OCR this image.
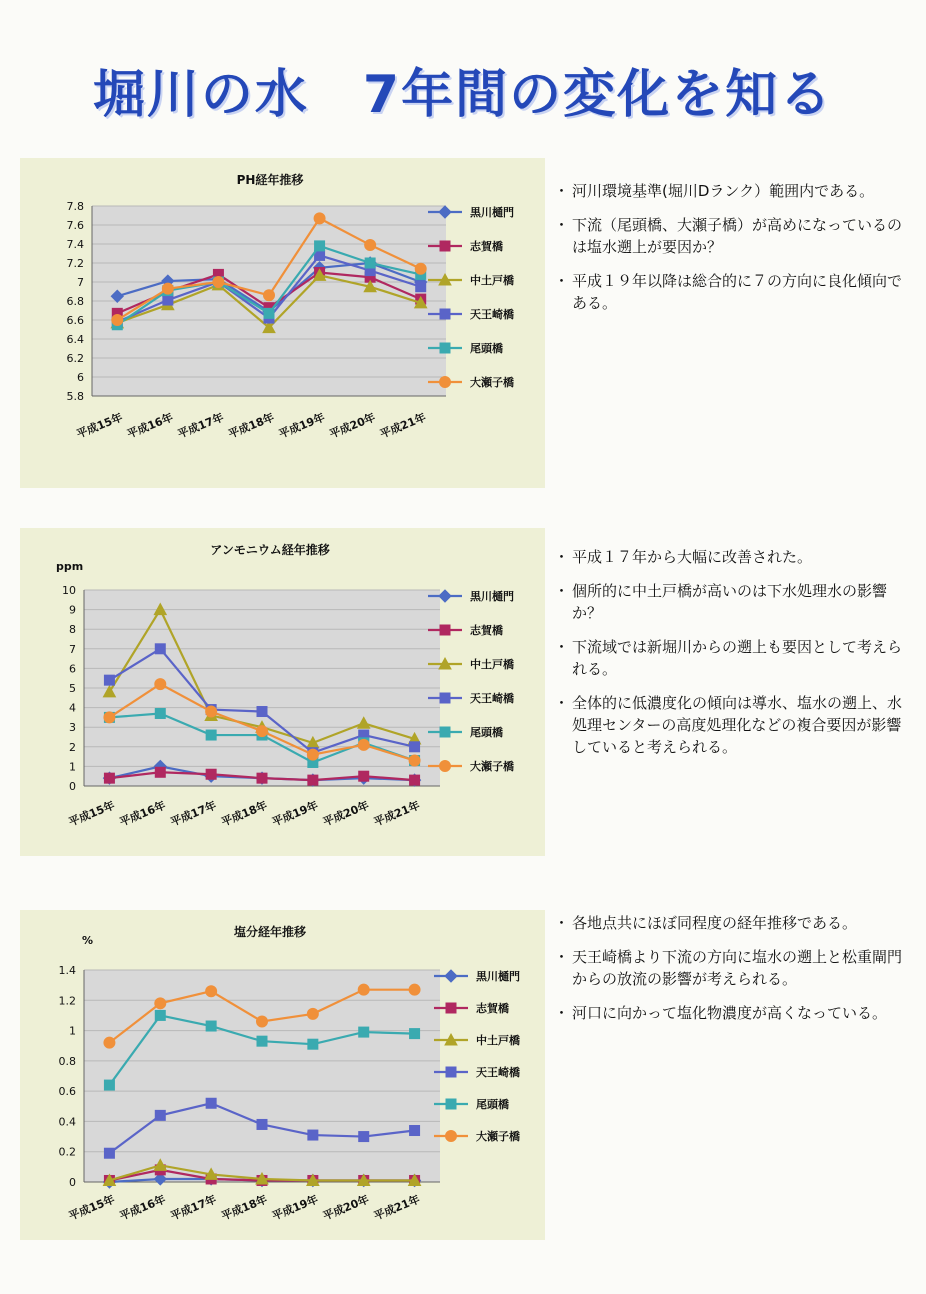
堀川の水　7年間の変化を知る
PH経年推移
5.8
6
6.2
6.4
6.6
6.8
7
7.2
7.4
7.6
7.8
平成15年 平成16年 平成17年 平成18年 平成19年 平成20年 平成21年
黒川樋門
志賀橋
中土戸橋
天王崎橋
尾頭橋
大瀬子橋
・ 河川環境基準(堀川Dランク）範囲内である。
・ 下流（尾頭橋、大瀬子橋）が高めになっているのは塩水遡上が要因か？
・ 平成１９年以降は総合的に７の方向に良化傾向である。
アンモニウム経年推移
ppm
0
1
2
3
4
5
6
7
8
9
10
平成15年 平成16年 平成17年 平成18年 平成19年 平成20年 平成21年
黒川樋門
志賀橋
中土戸橋
天王崎橋
尾頭橋
大瀬子橋
・ 平成１７年から大幅に改善された。
・ 個所的に中土戸橋が高いのは下水処理水の影響か？
・ 下流域では新堀川からの遡上も要因として考えられる。
・ 全体的に低濃度化の傾向は導水、塩水の遡上、水処理センターの高度処理化などの複合要因が影響していると考えられる。
塩分経年推移
%
0
0.2
0.4
0.6
0.8
1
1.2
1.4
平成15年 平成16年 平成17年 平成18年 平成19年 平成20年 平成21年
黒川樋門
志賀橋
中土戸橋
天王崎橋
尾頭橋
大瀬子橋
・ 各地点共にほぼ同程度の経年推移である。
・ 天王崎橋より下流の方向に塩水の遡上と松重閘門からの放流の影響が考えられる。
・ 河口に向かって塩化物濃度が高くなっている。
